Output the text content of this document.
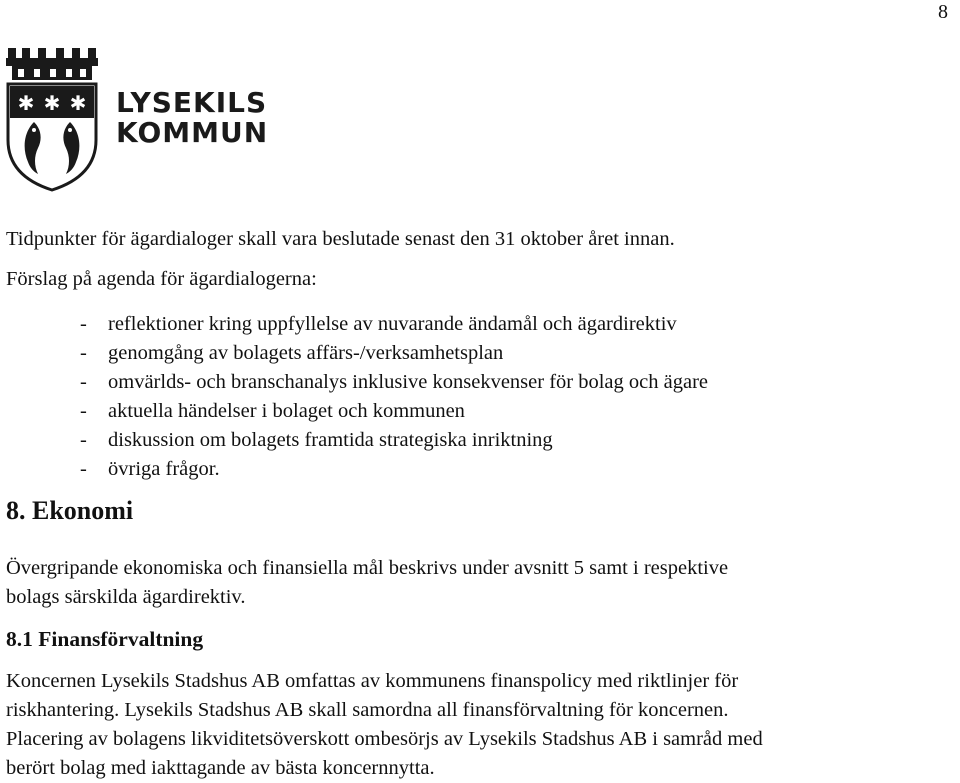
8
✱ ✱ ✱ LYSEKILS
KOMMUN

Tidpunkter för ägardialoger skall vara beslutade senast den 31 oktober året innan.

Förslag på agenda för ägardialogerna:

- reflektioner kring uppfyllelse av nuvarande ändamål och ägardirektiv
- genomgång av bolagets affärs-/verksamhetsplan
- omvärlds- och branschanalys inklusive konsekvenser för bolag och ägare
- aktuella händelser i bolaget och kommunen
- diskussion om bolagets framtida strategiska inriktning
- övriga frågor.
8. Ekonomi
Övergripande ekonomiska och finansiella mål beskrivs under avsnitt 5 samt i respektive
bolags särskilda ägardirektiv.
8.1 Finansförvaltning
Koncernen Lysekils Stadshus AB omfattas av kommunens finanspolicy med riktlinjer för
riskhantering. Lysekils Stadshus AB skall samordna all finansförvaltning för koncernen.
Placering av bolagens likviditetsöverskott ombesörjs av Lysekils Stadshus AB i samråd med
berört bolag med iakttagande av bästa koncernnytta.
